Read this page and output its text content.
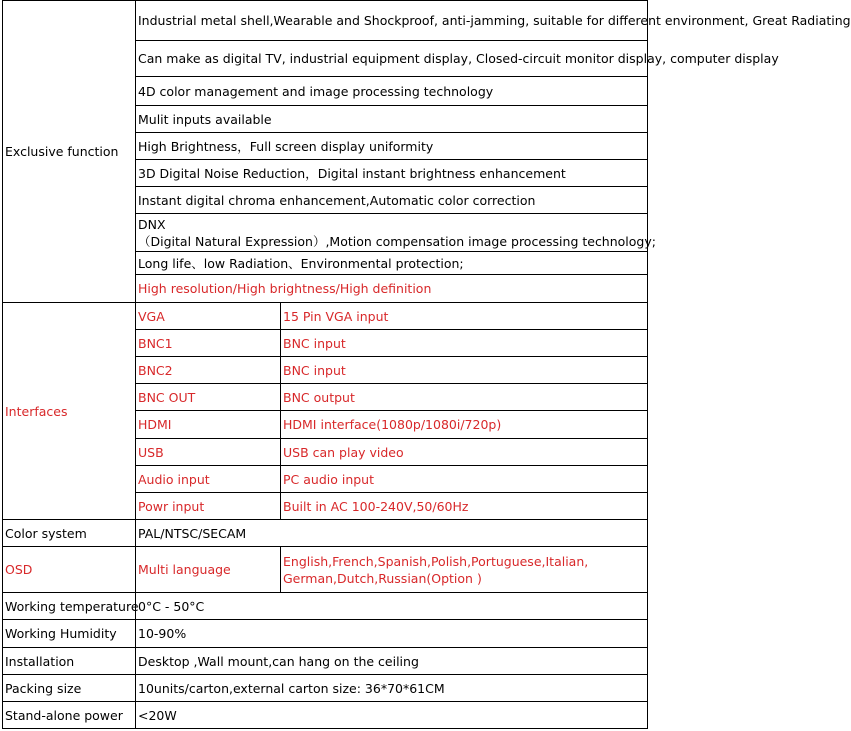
Exclusive function	Industrial metal shell,Wearable and Shockproof, anti-jamming, suitable for different environment, Great Radiating	
	Can make as digital TV, industrial equipment display, Closed-circuit monitor display, computer display	
	4D color management and image processing technology	
	Mulit inputs available	
	High Brightness，Full screen display uniformity	
	3D Digital Noise Reduction，Digital instant brightness enhancement	
	Instant digital chroma enhancement,Automatic color correction	

	DNX
（Digital Natural Expression）,Motion compensation image processing technology;	

	Long life、low Radiation、Environmental protection;	
	High resolution/High brightness/High definition	
Interfaces	VGA	15 Pin VGA input
	BNC1	BNC input
	BNC2	BNC input
	BNC OUT	BNC output
	HDMI	HDMI interface(1080p/1080i/720p)
	USB	USB can play video
	Audio input	PC audio input
	Powr input	Built in AC 100-240V,50/60Hz
Color system	PAL/NTSC/SECAM	
OSD	Multi language	English,French,Spanish,Polish,Portuguese,Italian,
German,Dutch,Russian(Option )

Working temperature	0°C - 50°C	
Working Humidity	10-90%	
Installation	Desktop ,Wall mount,can hang on the ceiling	
Packing size	10units/carton,external carton size: 36*70*61CM	
Stand-alone power	<20W	
